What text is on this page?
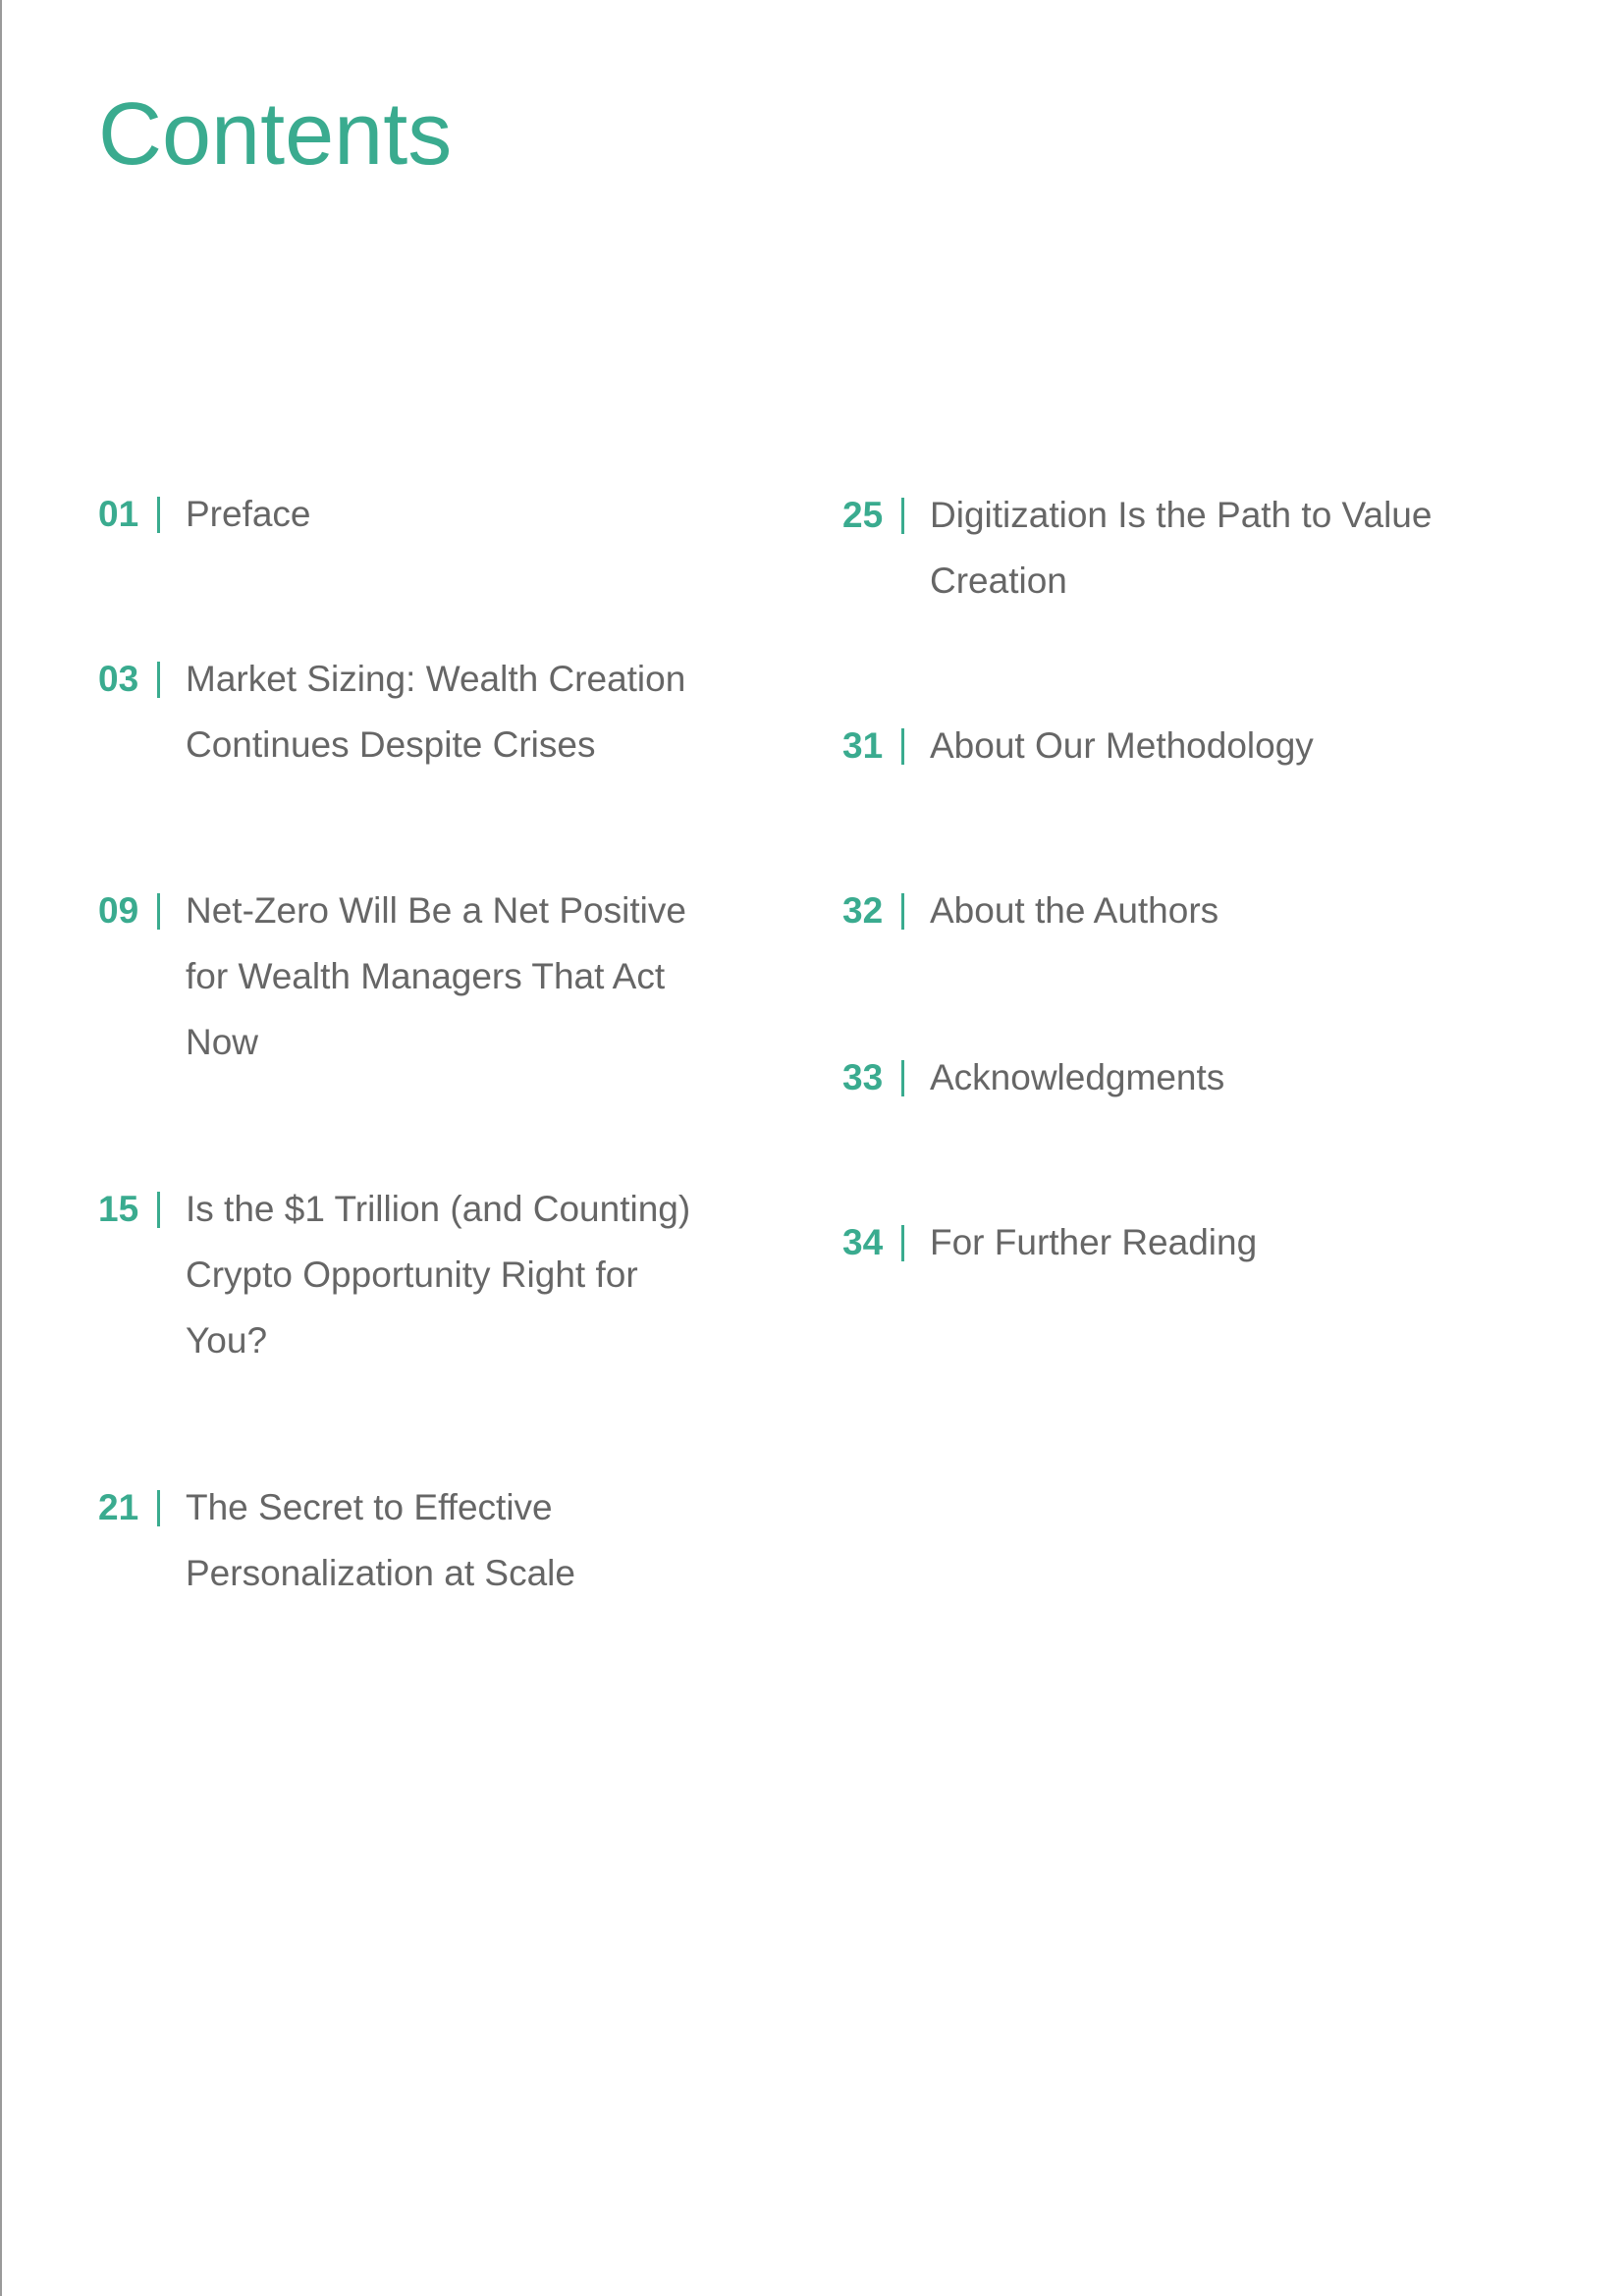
Contents
01	Preface
03	Market Sizing: Wealth Creation
Continues Despite Crises
09	Net-Zero Will Be a Net Positive
for Wealth Managers That Act
Now
15	Is the $1 Trillion (and Counting)
Crypto Opportunity Right for
You?
21	The Secret to Effective
Personalization at Scale
25	Digitization Is the Path to Value
Creation
31	About Our Methodology
32	About the Authors
33	Acknowledgments
34	For Further Reading
